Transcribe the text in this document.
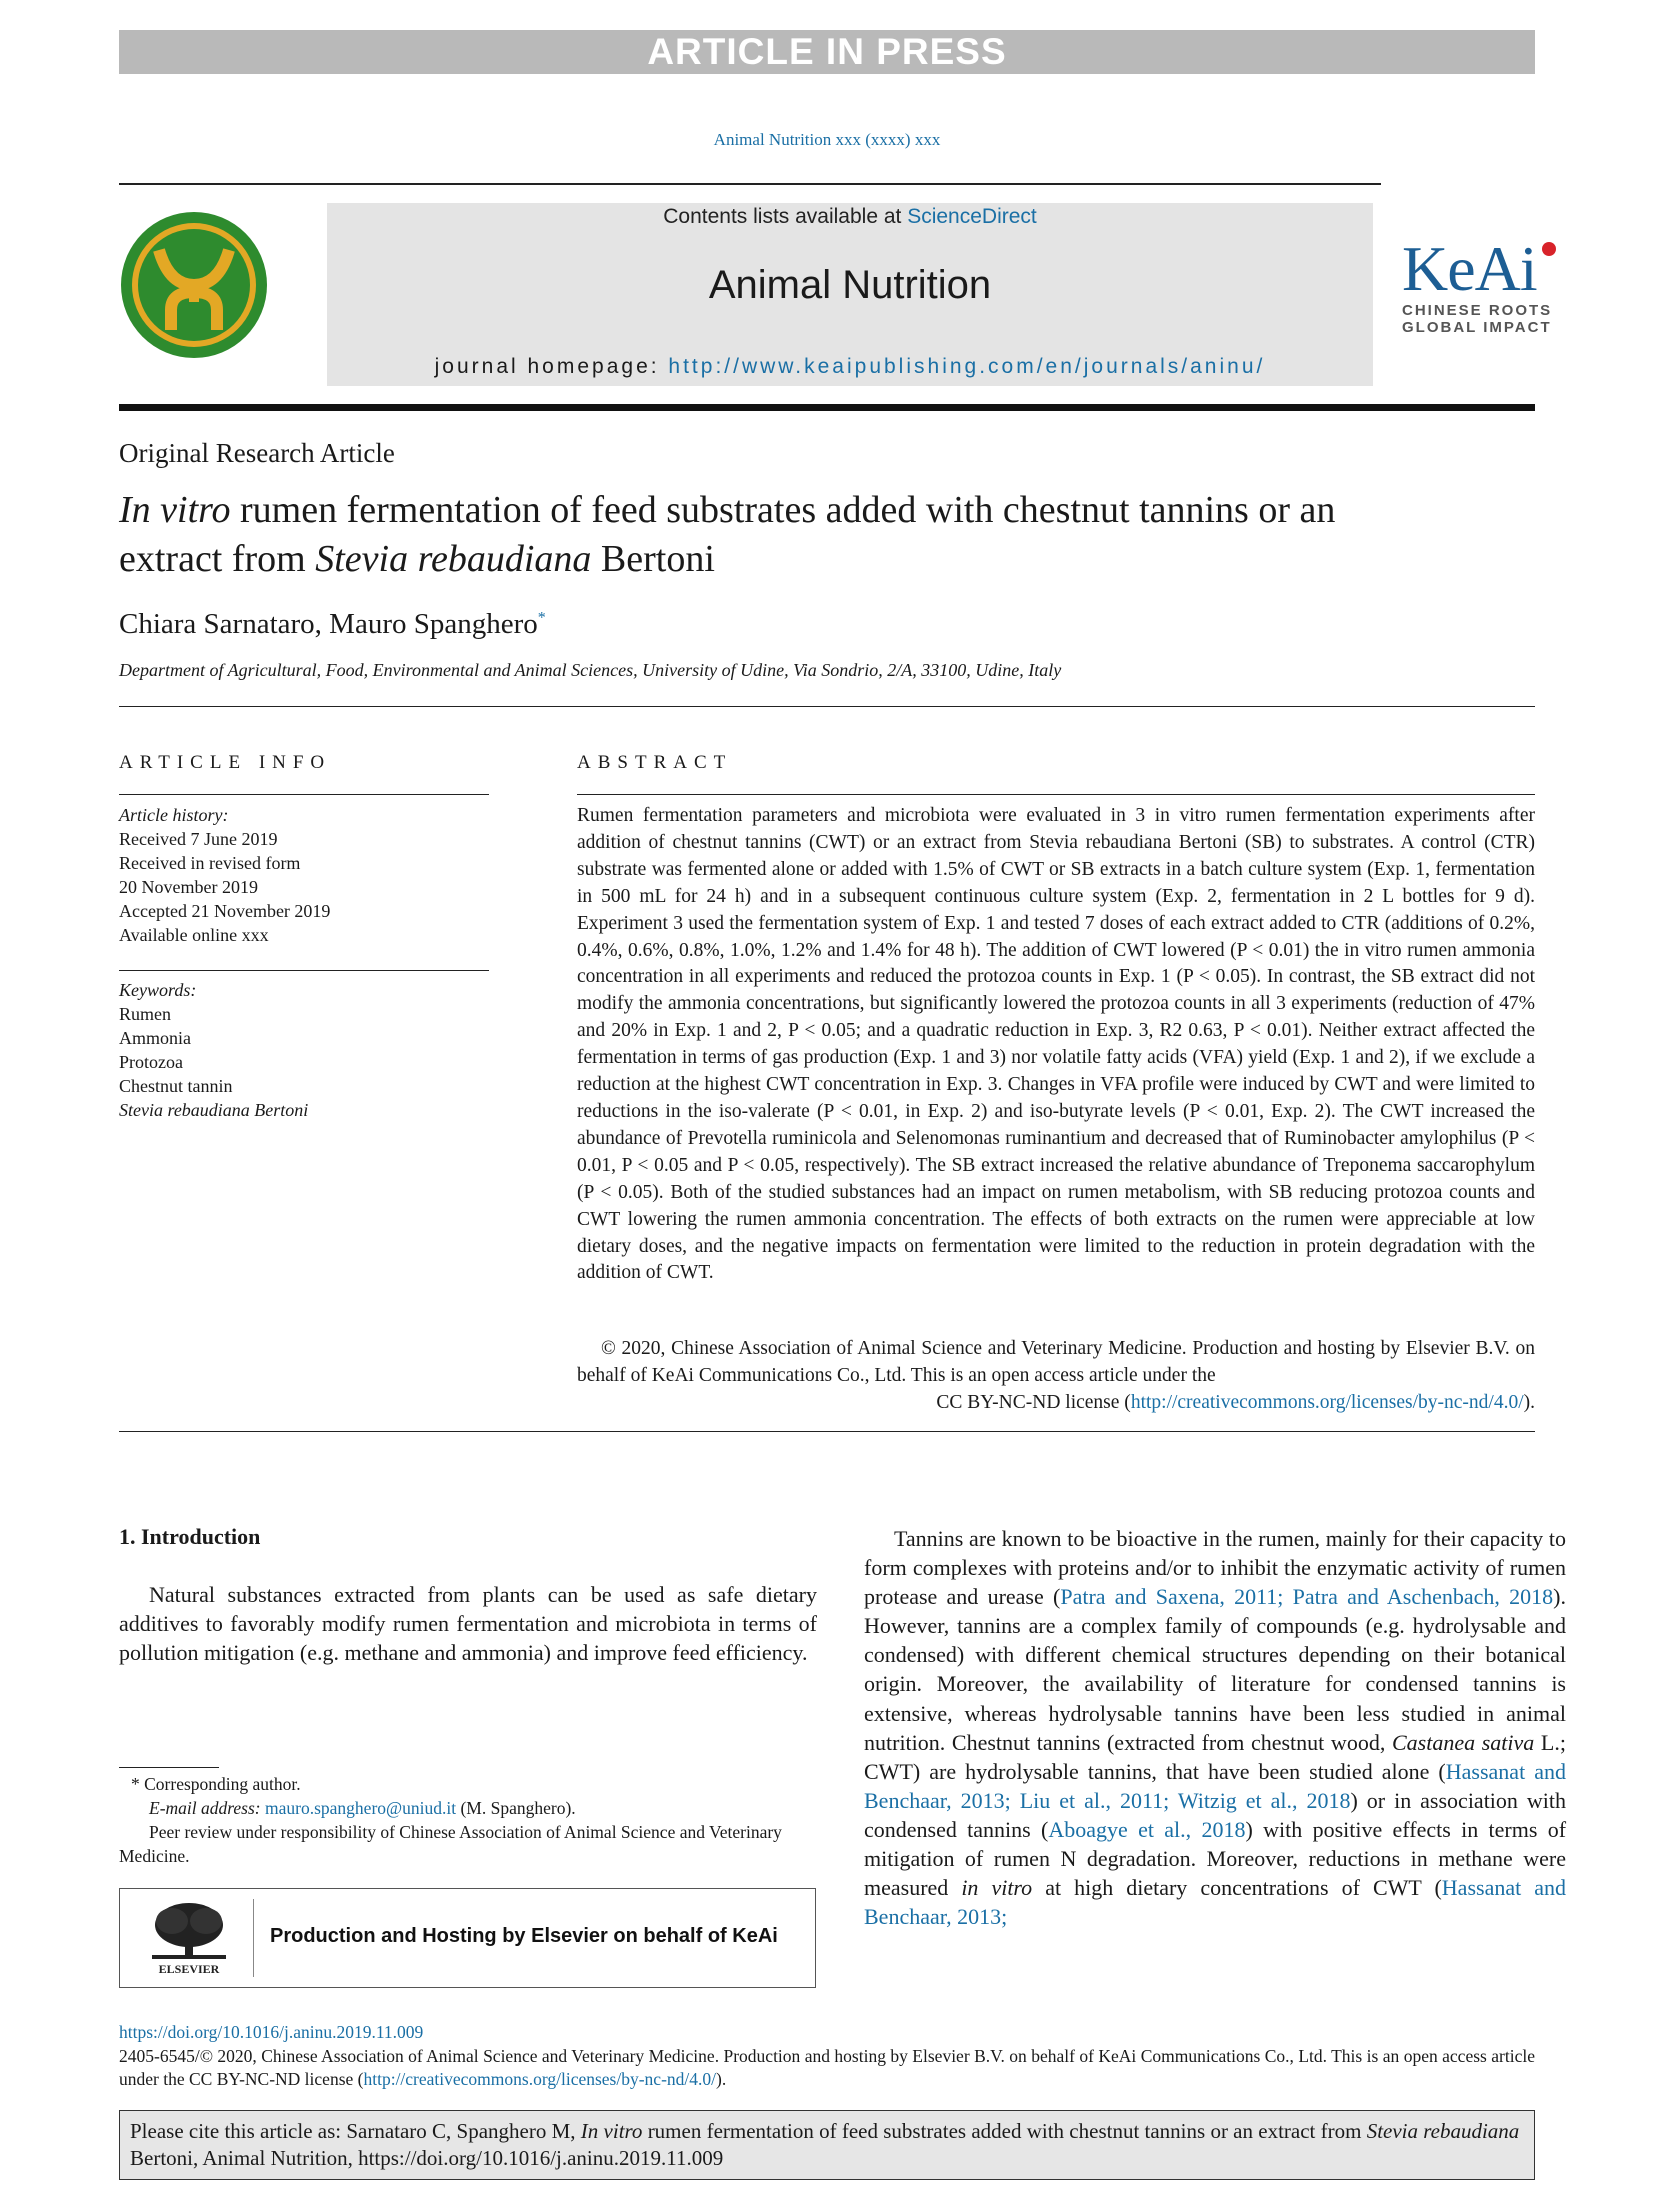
ARTICLE IN PRESS
Animal Nutrition xxx (xxxx) xxx
Contents lists available at ScienceDirect
Animal Nutrition
journal homepage: http://www.keaipublishing.com/en/journals/aninu/
KeAi
CHINESE ROOTS
GLOBAL IMPACT
Original Research Article
In vitro rumen fermentation of feed substrates added with chestnut tannins or an extract from Stevia rebaudiana Bertoni
Chiara Sarnataro, Mauro Spanghero*
Department of Agricultural, Food, Environmental and Animal Sciences, University of Udine, Via Sondrio, 2/A, 33100, Udine, Italy
ARTICLE INFO	ABSTRACT
Article history:
Received 7 June 2019
Received in revised form
20 November 2019
Accepted 21 November 2019
Available online xxx
Keywords:
Rumen
Ammonia
Protozoa
Chestnut tannin
Stevia rebaudiana Bertoni

Rumen fermentation parameters and microbiota were evaluated in 3 in vitro rumen fermentation experiments after addition of chestnut tannins (CWT) or an extract from Stevia rebaudiana Bertoni (SB) to substrates. A control (CTR) substrate was fermented alone or added with 1.5% of CWT or SB extracts in a batch culture system (Exp. 1, fermentation in 500 mL for 24 h) and in a subsequent continuous culture system (Exp. 2, fermentation in 2 L bottles for 9 d). Experiment 3 used the fermentation system of Exp. 1 and tested 7 doses of each extract added to CTR (additions of 0.2%, 0.4%, 0.6%, 0.8%, 1.0%, 1.2% and 1.4% for 48 h). The addition of CWT lowered (P < 0.01) the in vitro rumen ammonia concentration in all experiments and reduced the protozoa counts in Exp. 1 (P < 0.05). In contrast, the SB extract did not modify the ammonia concentrations, but significantly lowered the protozoa counts in all 3 experiments (reduction of 47% and 20% in Exp. 1 and 2, P < 0.05; and a quadratic reduction in Exp. 3, R2 0.63, P < 0.01). Neither extract affected the fermentation in terms of gas production (Exp. 1 and 3) nor volatile fatty acids (VFA) yield (Exp. 1 and 2), if we exclude a reduction at the highest CWT concentration in Exp. 3. Changes in VFA profile were induced by CWT and were limited to reductions in the iso-valerate (P < 0.01, in Exp. 2) and iso-butyrate levels (P < 0.01, Exp. 2). The CWT increased the abundance of Prevotella ruminicola and Selenomonas ruminantium and decreased that of Ruminobacter amylophilus (P < 0.01, P < 0.05 and P < 0.05, respectively). The SB extract increased the relative abundance of Treponema saccarophylum (P < 0.05). Both of the studied substances had an impact on rumen metabolism, with SB reducing protozoa counts and CWT lowering the rumen ammonia concentration. The effects of both extracts on the rumen were appreciable at low dietary doses, and the negative impacts on fermentation were limited to the reduction in protein degradation with the addition of CWT.

© 2020, Chinese Association of Animal Science and Veterinary Medicine. Production and hosting by Elsevier B.V. on behalf of KeAi Communications Co., Ltd. This is an open access article under the
CC BY-NC-ND license (http://creativecommons.org/licenses/by-nc-nd/4.0/).
1. Introduction
Natural substances extracted from plants can be used as safe dietary additives to favorably modify rumen fermentation and microbiota in terms of pollution mitigation (e.g. methane and ammonia) and improve feed efficiency.
Tannins are known to be bioactive in the rumen, mainly for their capacity to form complexes with proteins and/or to inhibit the enzymatic activity of rumen protease and urease (Patra and Saxena, 2011; Patra and Aschenbach, 2018). However, tannins are a complex family of compounds (e.g. hydrolysable and condensed) with different chemical structures depending on their botanical origin. Moreover, the availability of literature for condensed tannins is extensive, whereas hydrolysable tannins have been less studied in animal nutrition. Chestnut tannins (extracted from chestnut wood, Castanea sativa L.; CWT) are hydrolysable tannins, that have been studied alone (Hassanat and Benchaar, 2013; Liu et al., 2011; Witzig et al., 2018) or in association with condensed tannins (Aboagye et al., 2018) with positive effects in terms of mitigation of rumen N degradation. Moreover, reductions in methane were measured in vitro at high dietary concentrations of CWT (Hassanat and Benchaar, 2013;

* Corresponding author.

E-mail address: mauro.spanghero@uniud.it (M. Spanghero).

Peer review under responsibility of Chinese Association of Animal Science and Veterinary Medicine.

ELSEVIER
Production and Hosting by Elsevier on behalf of KeAi
https://doi.org/10.1016/j.aninu.2019.11.009
2405-6545/© 2020, Chinese Association of Animal Science and Veterinary Medicine. Production and hosting by Elsevier B.V. on behalf of KeAi Communications Co., Ltd. This is an open access article under the CC BY-NC-ND license (http://creativecommons.org/licenses/by-nc-nd/4.0/).
Please cite this article as: Sarnataro C, Spanghero M, In vitro rumen fermentation of feed substrates added with chestnut tannins or an extract from Stevia rebaudiana Bertoni, Animal Nutrition, https://doi.org/10.1016/j.aninu.2019.11.009
